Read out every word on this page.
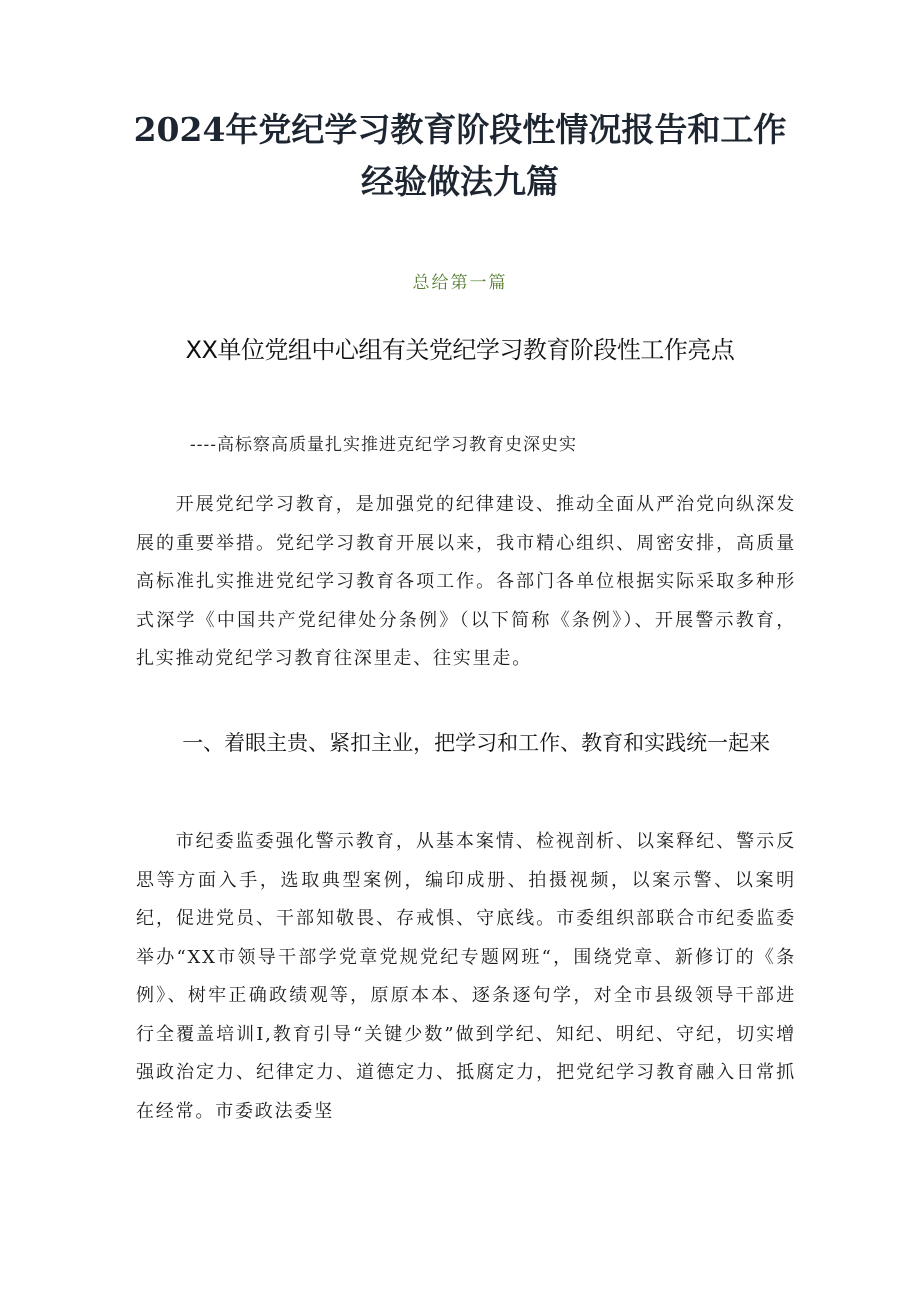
2024年党纪学习教育阶段性情况报告和工作经验做法九篇
总给第一篇
XX单位党组中心组有关党纪学习教育阶段性工作亮点
----高标察高质量扎实推进克纪学习教育史深史实
开展党纪学习教育，是加强党的纪律建设、推动全面从严治党向纵深发展的重要举措。党纪学习教育开展以来，我市精心组织、周密安排，高质量高标准扎实推进党纪学习教育各项工作。各部门各单位根据实际采取多种形式深学《中国共产党纪律处分条例》（以下简称《条例》）、开展警示教育，扎实推动党纪学习教育往深里走、往实里走。
一、着眼主贵、紧扣主业，把学习和工作、教育和实践统一起来
市纪委监委强化警示教育，从基本案情、检视剖析、以案释纪、警示反思等方面入手，选取典型案例，编印成册、拍摄视频，以案示警、以案明纪，促进党员、干部知敬畏、存戒惧、守底线。市委组织部联合市纪委监委举办“XX市领导干部学党章党规党纪专题网班“，围绕党章、新修订的《条例》、树牢正确政绩观等，原原本本、逐条逐句学，对全市县级领导干部进行全覆盖培训I,教育引导“关键少数”做到学纪、知纪、明纪、守纪，切实增强政治定力、纪律定力、道德定力、抵腐定力，把党纪学习教育融入日常抓在经常。市委政法委坚
